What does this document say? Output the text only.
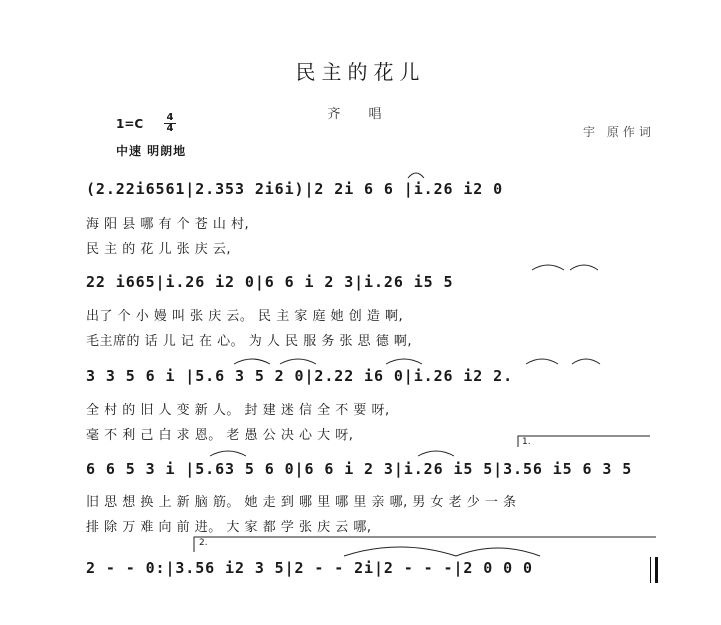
民主的花儿
齐 唱
宇 原作词
1=C 4
4
中速 明朗地
(2.22i6561|2.353 2i6i)|2 2i 6 6 |i.26 i2 0
海 阳 县 哪 有 个 苍 山 村,
民 主 的 花 儿 张 庆 云,
22 i665|i.26 i2 0|6 6 i 2 3|i.26 i5 5
出了 个 小 嫚 叫 张 庆 云。 民 主 家 庭 她 创 造 啊,
毛主席的 话 儿 记 在 心。 为 人 民 服 务 张 思 德 啊,
3 3 5 6 i |5.6 3 5 2 0|2.22 i6 0|i.26 i2 2.
全 村 的 旧 人 变 新 人。 封 建 迷 信 全 不 要 呀,
毫 不 利 己 白 求 恩。 老 愚 公 决 心 大 呀,	1.
6 6 5 3 i |5.63 5 6 0|6 6 i 2 3|i.26 i5 5|3.56 i5 6 3 5
旧 思 想 换 上 新 脑 筋。 她 走 到 哪 里 哪 里 亲 哪, 男 女 老 少 一 条
排 除 万 难 向 前 进。 大 家 都 学 张 庆 云 哪,
2.
2 - - 0:|3.56 i2 3 5|2 - - 2i|2 - - -|2 0 0 0
